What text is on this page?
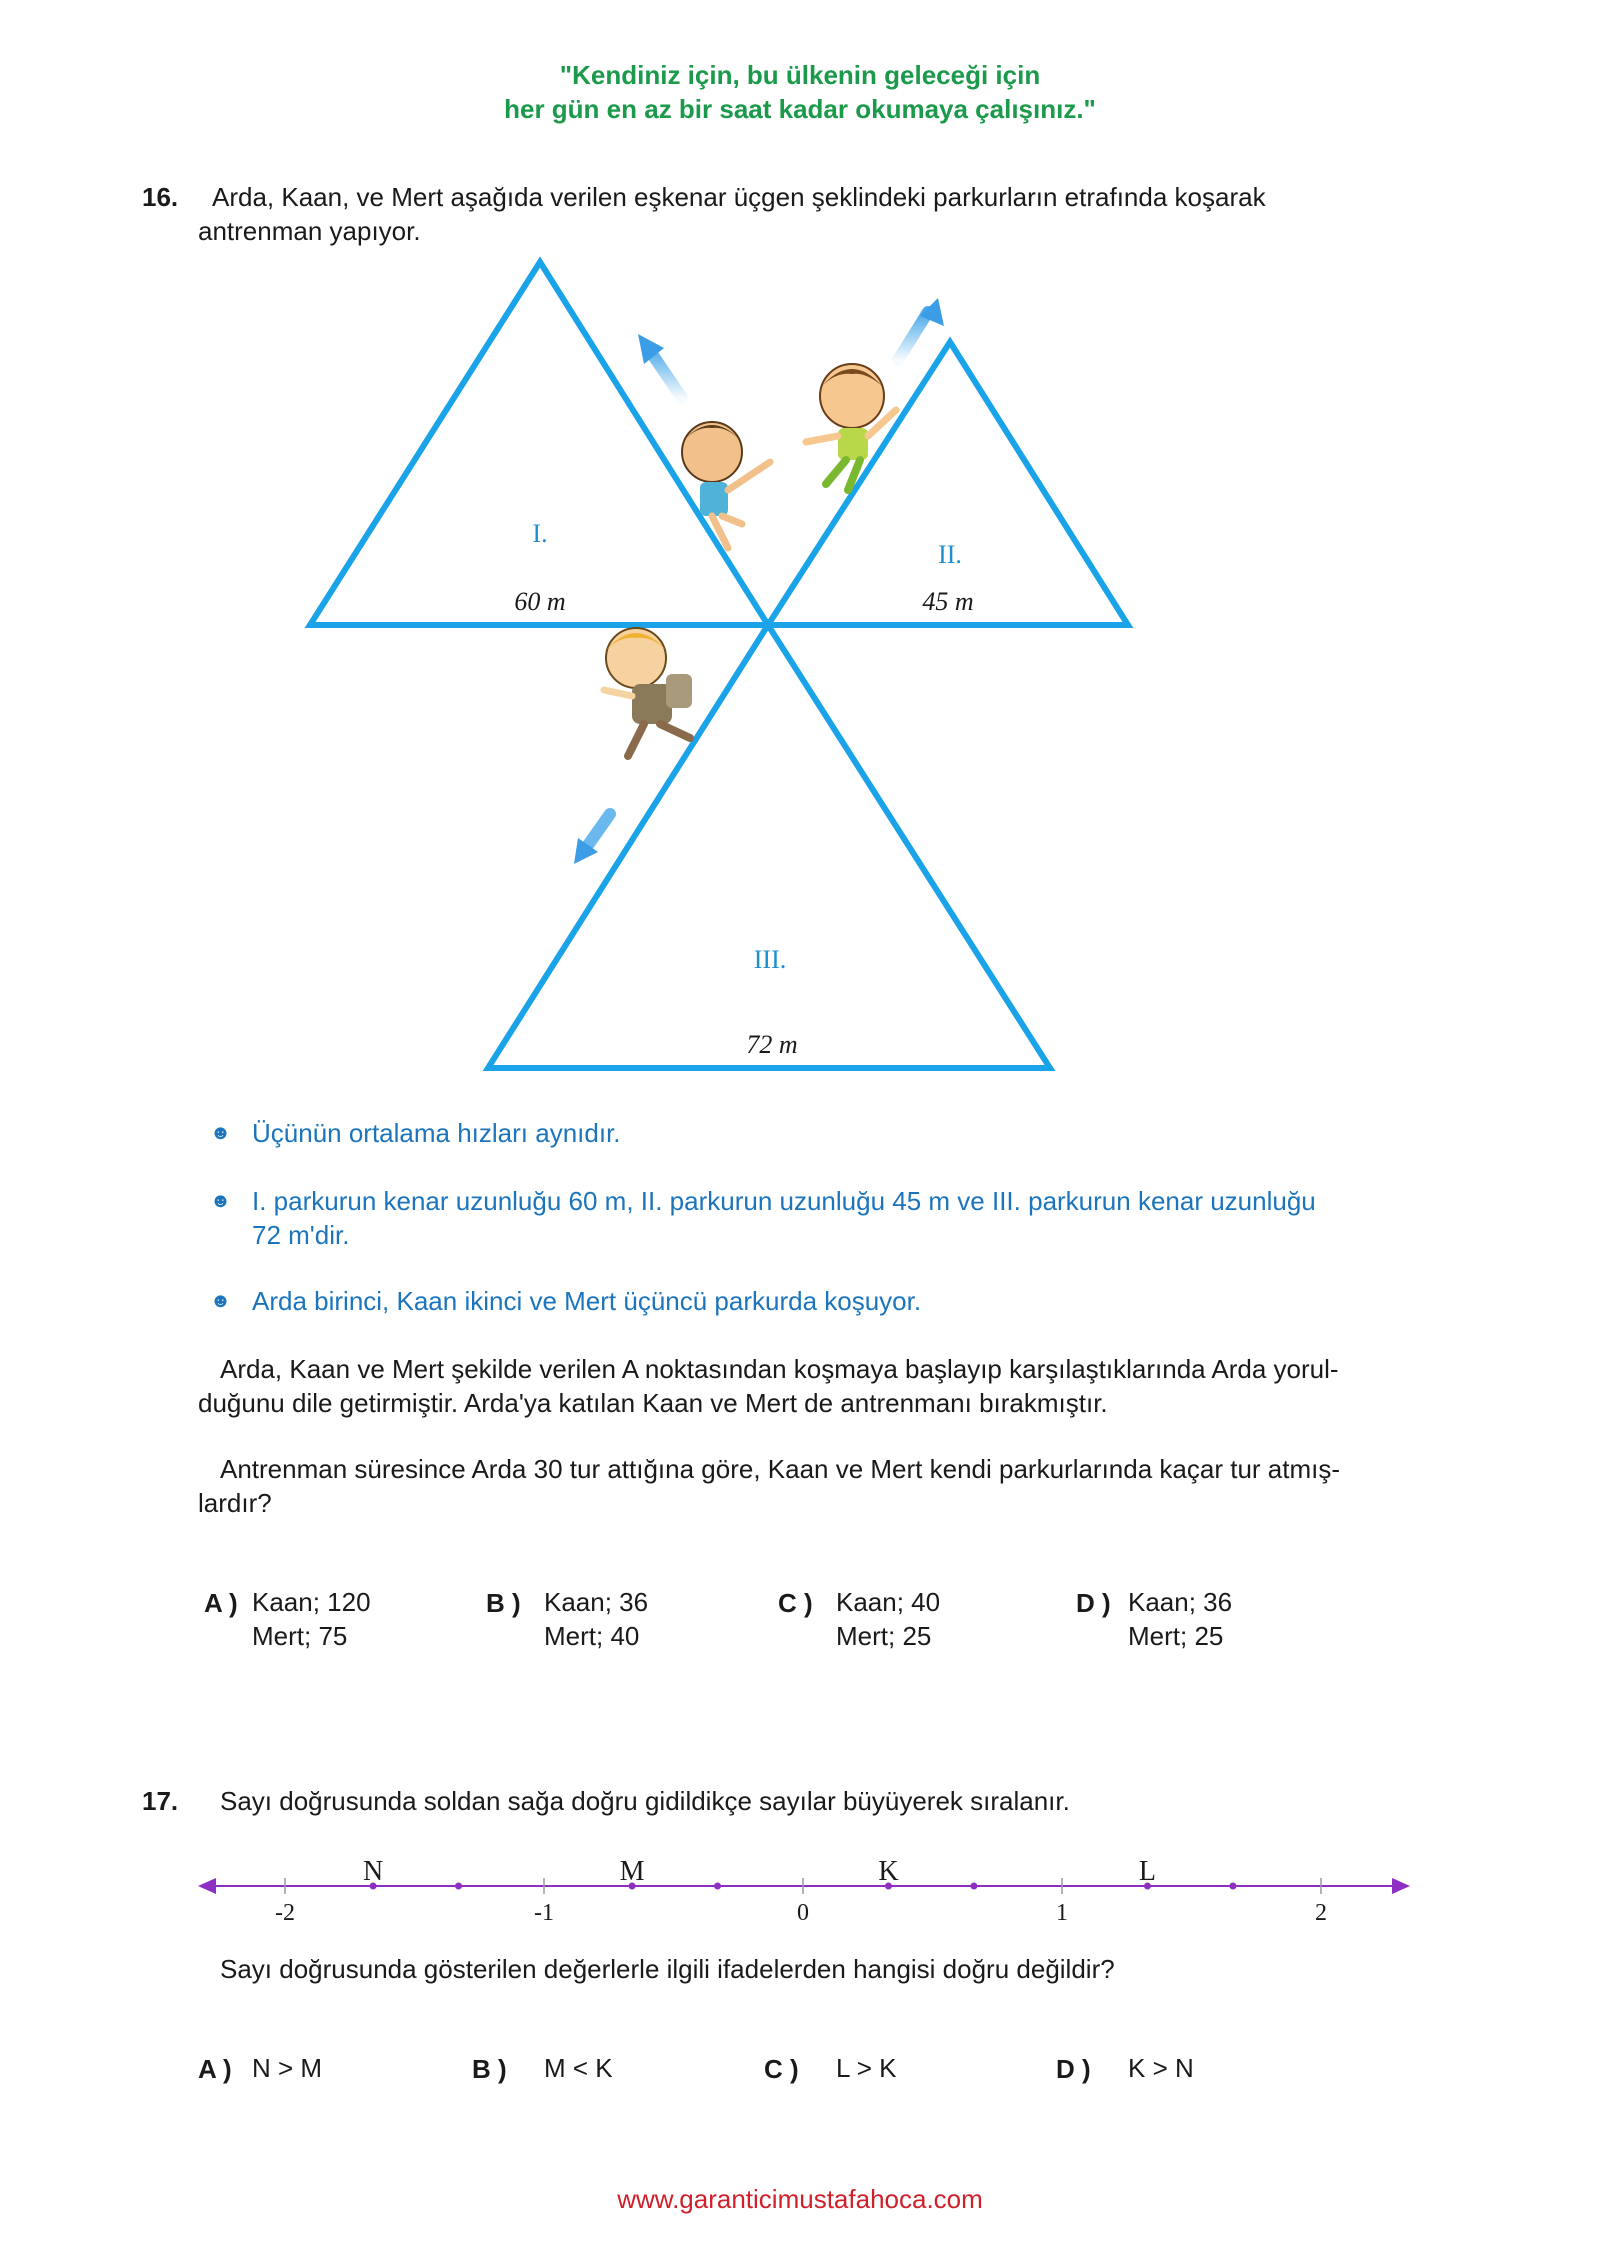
"Kendiniz için, bu ülkenin geleceği için
her gün en az bir saat kadar okumaya çalışınız."
16. Arda, Kaan, ve Mert aşağıda verilen eşkenar üçgen şeklindeki parkurların etrafında koşarak
antrenman yapıyor.
I.
60 m
II.
45 m
III.
72 m
☻ Üçünün ortalama hızları aynıdır.
☻ I. parkurun kenar uzunluğu 60 m, II. parkurun uzunluğu 45 m ve III. parkurun kenar uzunluğu
72 m'dir.
☻ Arda birinci, Kaan ikinci ve Mert üçüncü parkurda koşuyor.
Arda, Kaan ve Mert şekilde verilen A noktasından koşmaya başlayıp karşılaştıklarında Arda yorul-
duğunu dile getirmiştir. Arda'ya katılan Kaan ve Mert de antrenmanı bırakmıştır.
Antrenman süresince Arda 30 tur attığına göre, Kaan ve Mert kendi parkurlarında kaçar tur atmış-
lardır?
A ) Kaan; 120
Mert; 75
B ) Kaan; 36
Mert; 40
C ) Kaan; 40
Mert; 25
D ) Kaan; 36
Mert; 25
17. Sayı doğrusunda soldan sağa doğru gidildikçe sayılar büyüyerek sıralanır.
-2	-1	0	1	2
N	M	K	L
Sayı doğrusunda gösterilen değerlerle ilgili ifadelerden hangisi doğru değildir?
A ) N > M	B ) M < K	C ) L > K	D ) K > N
www.garanticimustafahoca.com
